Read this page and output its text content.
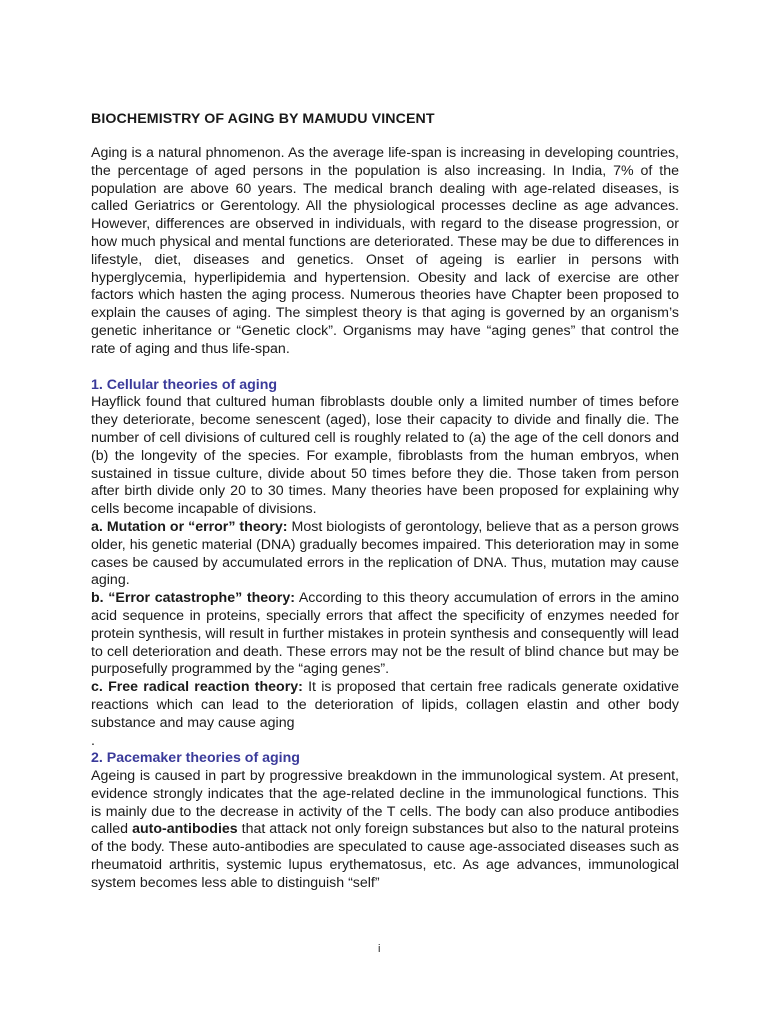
BIOCHEMISTRY OF AGING BY MAMUDU VINCENT

Aging is a natural phnomenon. As the average life-span is increasing in developing countries, the percentage of aged persons in the population is also increasing. In India, 7% of the population are above 60 years. The medical branch dealing with age-related diseases, is called Geriatrics or Gerentology. All the physiological processes decline as age advances. However, differences are observed in individuals, with regard to the disease progression, or how much physical and mental functions are deteriorated. These may be due to differences in lifestyle, diet, diseases and genetics. Onset of ageing is earlier in persons with hyperglycemia, hyperlipidemia and hypertension. Obesity and lack of exercise are other factors which hasten the aging process. Numerous theories have Chapter been proposed to explain the causes of aging. The simplest theory is that aging is governed by an organism’s genetic inheritance or “Genetic clock”. Organisms may have “aging genes” that control the rate of aging and thus life-span.

1. Cellular theories of aging

Hayflick found that cultured human fibroblasts double only a limited number of times before they deteriorate, become senescent (aged), lose their capacity to divide and finally die. The number of cell divisions of cultured cell is roughly related to (a) the age of the cell donors and (b) the longevity of the species. For example, fibroblasts from the human embryos, when sustained in tissue culture, divide about 50 times before they die. Those taken from person after birth divide only 20 to 30 times. Many theories have been proposed for explaining why cells become incapable of divisions.

a. Mutation or “error” theory: Most biologists of gerontology, believe that as a person grows older, his genetic material (DNA) gradually becomes impaired. This deterioration may in some cases be caused by accumulated errors in the replication of DNA. Thus, mutation may cause aging.

b. “Error catastrophe” theory: According to this theory accumulation of errors in the amino acid sequence in proteins, specially errors that affect the specificity of enzymes needed for protein synthesis, will result in further mistakes in protein synthesis and consequently will lead to cell deterioration and death. These errors may not be the result of blind chance but may be purposefully programmed by the “aging genes”.

c. Free radical reaction theory: It is proposed that certain free radicals generate oxidative reactions which can lead to the deterioration of lipids, collagen elastin and other body substance and may cause aging

.

2. Pacemaker theories of aging

Ageing is caused in part by progressive breakdown in the immunological system. At present, evidence strongly indicates that the age-related decline in the immunological functions. This is mainly due to the decrease in activity of the T cells. The body can also produce antibodies called auto-antibodies that attack not only foreign substances but also to the natural proteins of the body. These auto-antibodies are speculated to cause age-associated diseases such as rheumatoid arthritis, systemic lupus erythematosus, etc. As age advances, immunological system becomes less able to distinguish “self”

i
